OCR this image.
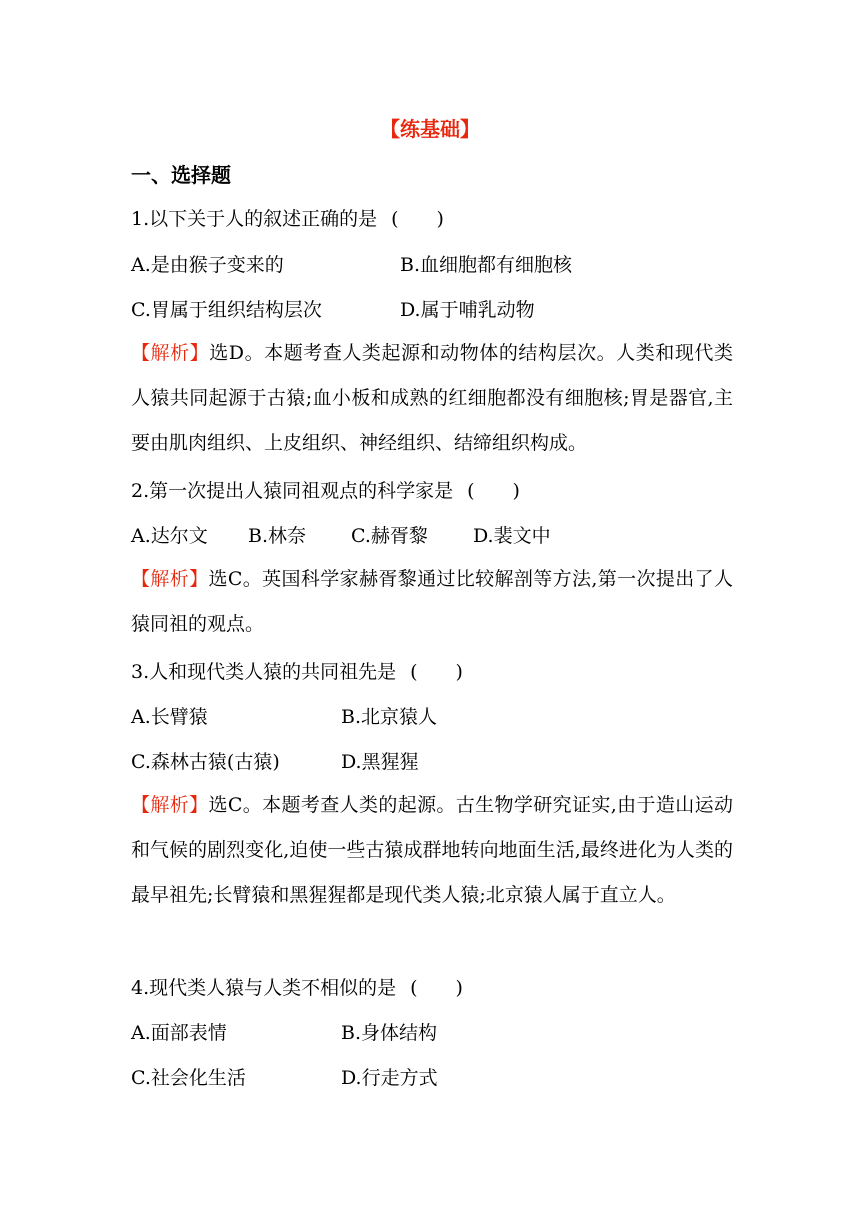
【练基础】
一、选择题
1.以下关于人的叙述正确的是 (　　)
A.是由猴子变来的	B.血细胞都有细胞核
C.胃属于组织结构层次	D.属于哺乳动物
【解析】选D。本题考查人类起源和动物体的结构层次。人类和现代类人猿共同起源于古猿;血小板和成熟的红细胞都没有细胞核;胃是器官,主要由肌肉组织、上皮组织、神经组织、结缔组织构成。
2.第一次提出人猿同祖观点的科学家是 (　　)
A.达尔文 B.林奈 C.赫胥黎 D.裴文中
【解析】选C。英国科学家赫胥黎通过比较解剖等方法,第一次提出了人猿同祖的观点。
3.人和现代类人猿的共同祖先是 (　　)
A.长臂猿	B.北京猿人
C.森林古猿(古猿)	D.黑猩猩
【解析】选C。本题考查人类的起源。古生物学研究证实,由于造山运动和气候的剧烈变化,迫使一些古猿成群地转向地面生活,最终进化为人类的最早祖先;长臂猿和黑猩猩都是现代类人猿;北京猿人属于直立人。
4.现代类人猿与人类不相似的是 (　　)
A.面部表情	B.身体结构
C.社会化生活	D.行走方式
